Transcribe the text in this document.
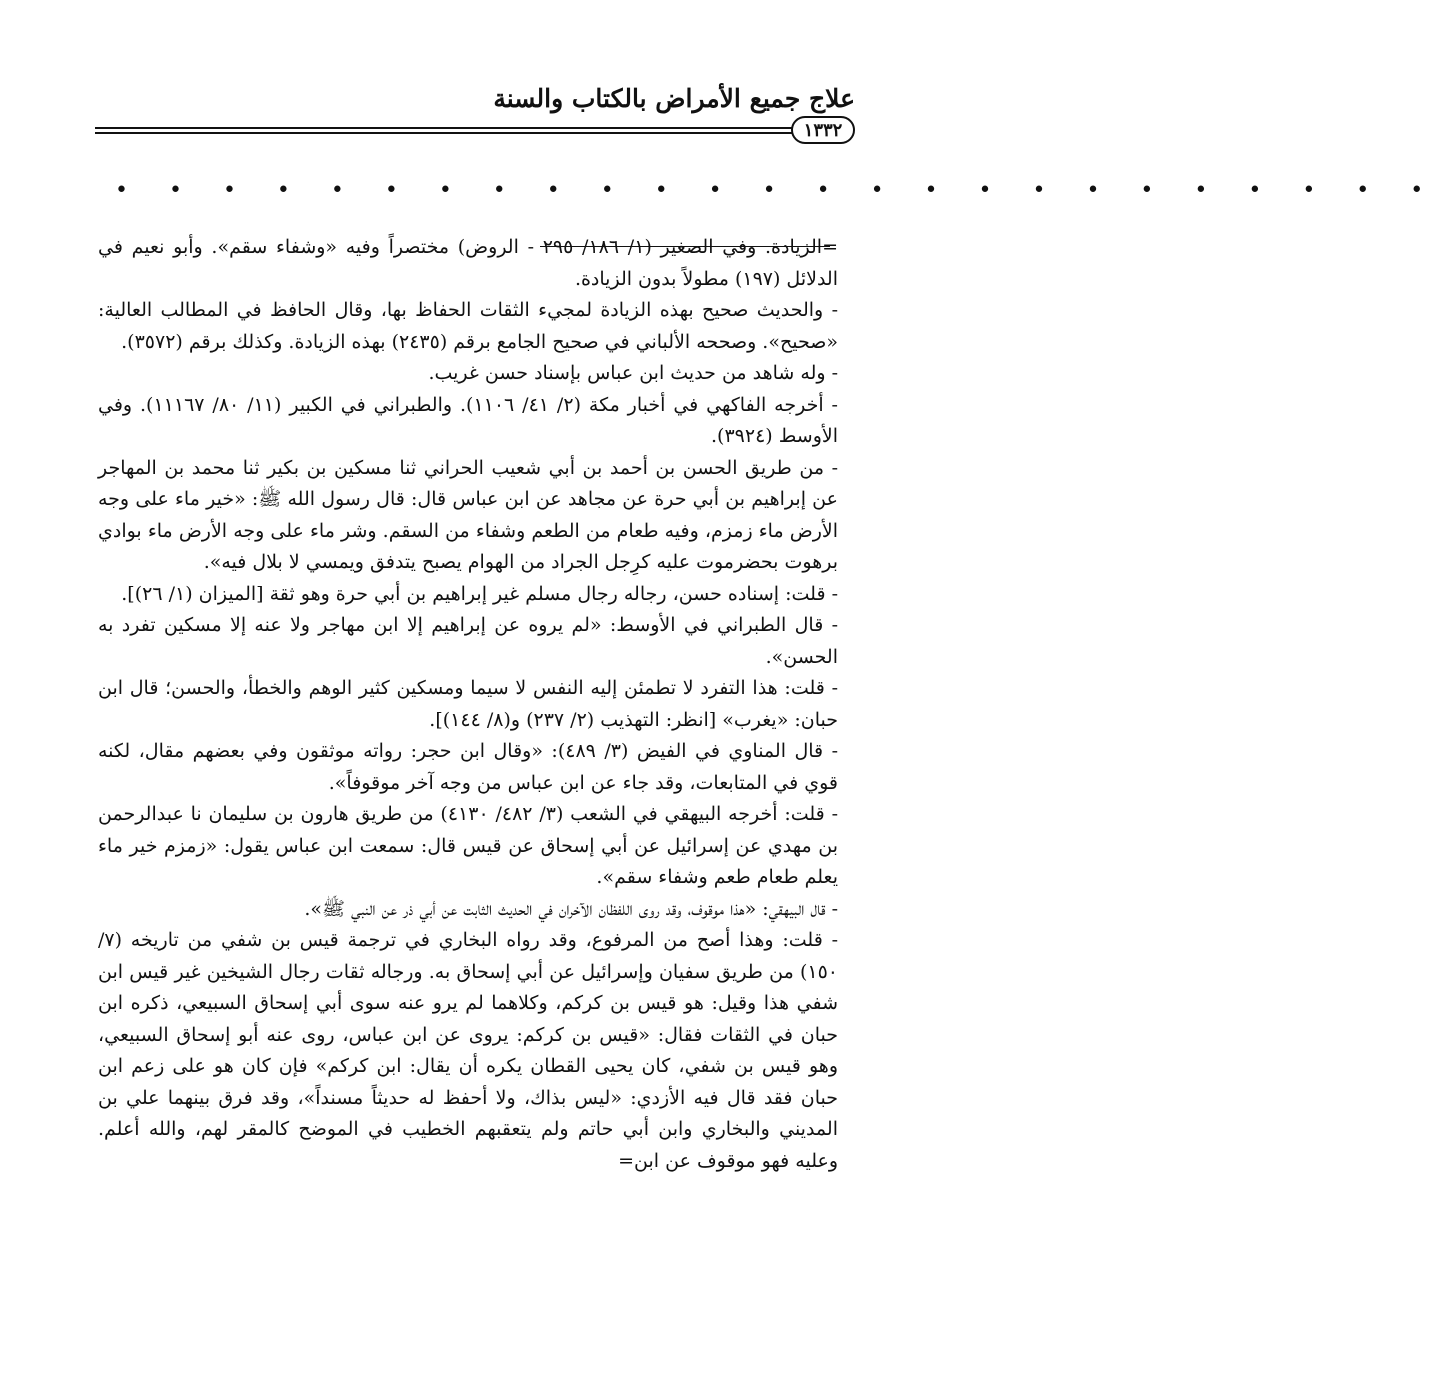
علاج جميع الأمراض بالكتاب والسنة
١٣٣٢
• • • • • • • • • • • • • • • • • • • • • • • • •

=الزيادة. وفي الصغير (١/ ١٨٦/ ٢٩٥ - الروض) مختصراً وفيه «وشفاء سقم». وأبو نعيم في الدلائل (١٩٧) مطولاً بدون الزيادة.

- والحديث صحيح بهذه الزيادة لمجيء الثقات الحفاظ بها، وقال الحافظ في المطالب العالية: «صحيح». وصححه الألباني في صحيح الجامع برقم (٢٤٣٥) بهذه الزيادة. وكذلك برقم (٣٥٧٢).

- وله شاهد من حديث ابن عباس بإسناد حسن غريب.

- أخرجه الفاكهي في أخبار مكة (٢/ ٤١/ ١١٠٦). والطبراني في الكبير (١١/ ٨٠/ ١١١٦٧). وفي الأوسط (٣٩٢٤).

- من طريق الحسن بن أحمد بن أبي شعيب الحراني ثنا مسكين بن بكير ثنا محمد بن المهاجر عن إبراهيم بن أبي حرة عن مجاهد عن ابن عباس قال: قال رسول الله ﷺ: «خير ماء على وجه الأرض ماء زمزم، وفيه طعام من الطعم وشفاء من السقم. وشر ماء على وجه الأرض ماء بوادي برهوت بحضرموت عليه كرِجل الجراد من الهوام يصبح يتدفق ويمسي لا بلال فيه».

- قلت: إسناده حسن، رجاله رجال مسلم غير إبراهيم بن أبي حرة وهو ثقة [الميزان (١/ ٢٦)].

- قال الطبراني في الأوسط: «لم يروه عن إبراهيم إلا ابن مهاجر ولا عنه إلا مسكين تفرد به الحسن».

- قلت: هذا التفرد لا تطمئن إليه النفس لا سيما ومسكين كثير الوهم والخطأ، والحسن؛ قال ابن حبان: «يغرب» [انظر: التهذيب (٢/ ٢٣٧) و(٨/ ١٤٤)].

- قال المناوي في الفيض (٣/ ٤٨٩): «وقال ابن حجر: رواته موثقون وفي بعضهم مقال، لكنه قوي في المتابعات، وقد جاء عن ابن عباس من وجه آخر موقوفاً».

- قلت: أخرجه البيهقي في الشعب (٣/ ٤٨٢/ ٤١٣٠) من طريق هارون بن سليمان نا عبدالرحمن بن مهدي عن إسرائيل عن أبي إسحاق عن قيس قال: سمعت ابن عباس يقول: «زمزم خير ماء يعلم طعام طعم وشفاء سقم».

- قال البيهقي: «هذا موقوف، وقد روى اللفظان الآخران في الحديث الثابت عن أبي ذر عن النبي ﷺ».

- قلت: وهذا أصح من المرفوع، وقد رواه البخاري في ترجمة قيس بن شفي من تاريخه (٧/ ١٥٠) من طريق سفيان وإسرائيل عن أبي إسحاق به. ورجاله ثقات رجال الشيخين غير قيس ابن شفي هذا وقيل: هو قيس بن كركم، وكلاهما لم يرو عنه سوى أبي إسحاق السبيعي، ذكره ابن حبان في الثقات فقال: «قيس بن كركم: يروى عن ابن عباس، روى عنه أبو إسحاق السبيعي، وهو قيس بن شفي، كان يحيى القطان يكره أن يقال: ابن كركم» فإن كان هو على زعم ابن حبان فقد قال فيه الأزدي: «ليس بذاك، ولا أحفظ له حديثاً مسنداً»، وقد فرق بينهما علي بن المديني والبخاري وابن أبي حاتم ولم يتعقبهم الخطيب في الموضح كالمقر لهم، والله أعلم. وعليه فهو موقوف عن ابن=
